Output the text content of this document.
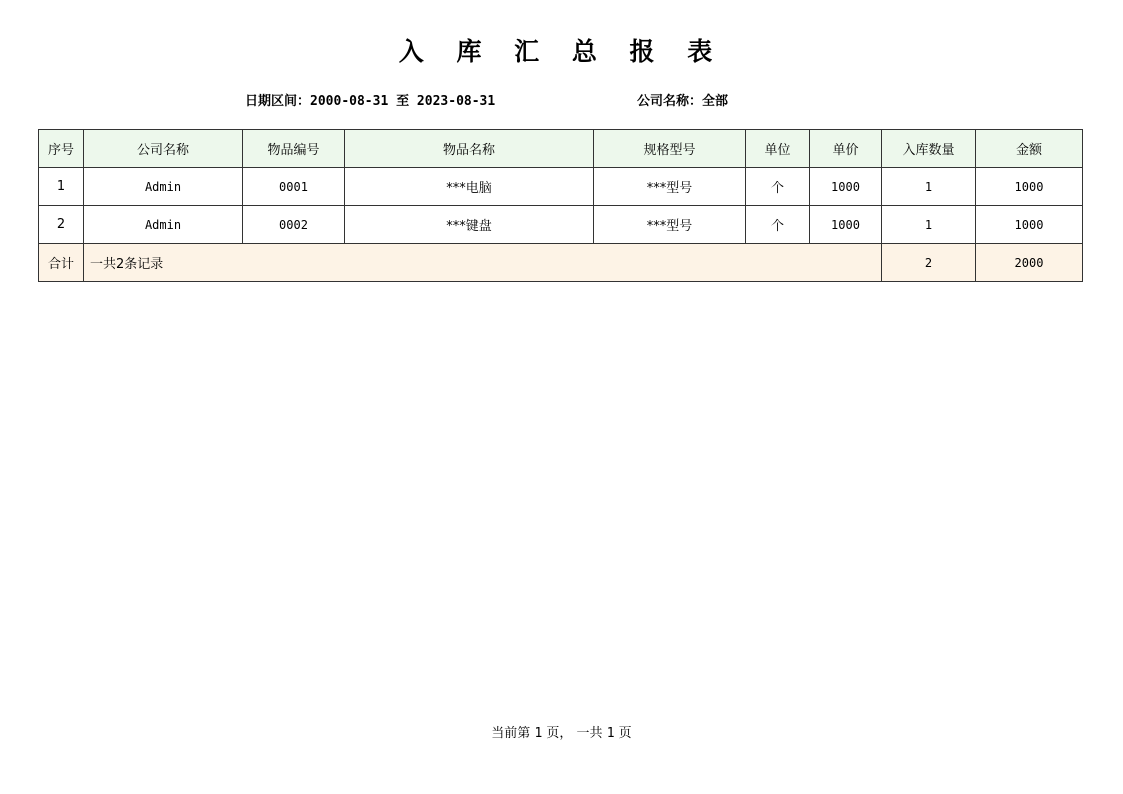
入 库 汇 总 报 表
日期区间：2000-08-31 至 2023-08-31	公司名称：全部
序号	公司名称	物品编号	物品名称	规格型号	单位	单价	入库数量	金额
1	Admin	0001	***电脑	***型号	个	1000	1	1000
2	Admin	0002	***键盘	***型号	个	1000	1	1000
合计	一共2条记录						2	2000
当前第 1 页， 一共 1 页
